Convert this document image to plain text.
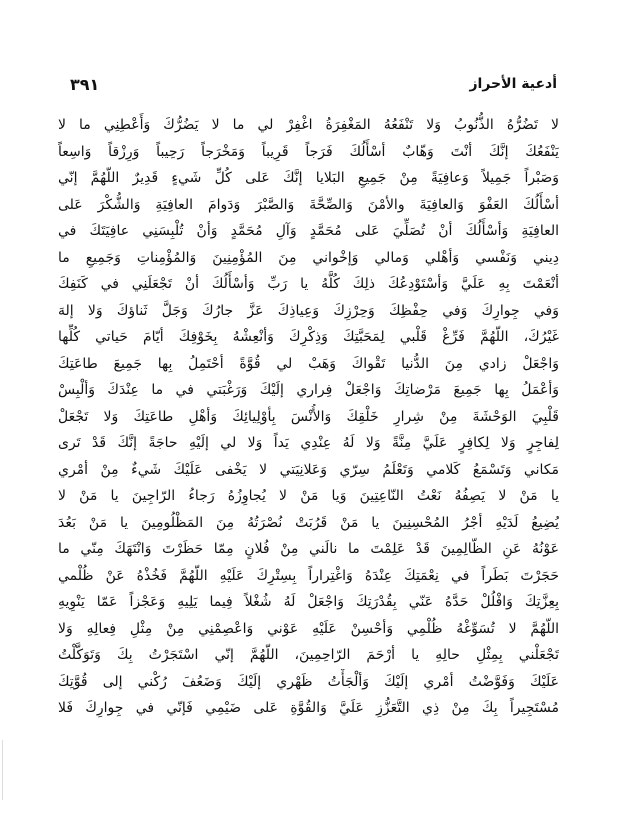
أدعية الأحراز
٣٩١
لا تَضُرُّهُ الذُّنُوبُ وَلا تَنْفَعُهُ المَغْفِرَةُ اغْفِرْ لي ما لا يَضُرُّكَ وَأَعْطِنِي ما لا
يَنْفَعُكَ إنَّكَ أنْتَ وَهّابٌ أسْأَلُكَ فَرَجاً قَرِيباً وَمَخْرَجاً رَحِيباً وَرِزْقاً وَاسِعاً
وَصَبْراً جَمِيلاً وَعافِيَةً مِنْ جَمِيعِ البَلايا إنَّكَ عَلى كُلِّ شَيءٍ قَدِيرٌ اللّهُمَّ إنّي
أسْأَلُكَ العَفْوَ وَالعافِيَةَ والأمْنَ وَالصِّحَّةَ وَالصَّبْرَ وَدَوامَ العافِيَةِ وَالشُّكْرَ عَلى
العافِيَةِ وَأسْأَلُكَ أنْ تُصَلِّيَ عَلى مُحَمَّدٍ وَآلِ مُحَمَّدٍ وَأنْ تُلْبِسَنِي عافِيَتَكَ في
دِيني وَنَفْسي وَأهْلي وَمالي وَإخْواني مِنَ المُؤْمِنِينَ وَالمُؤْمِناتِ وَجَمِيعِ ما
أنْعَمْتَ بِهِ عَلَيَّ وَأسْتَوْدِعُكَ ذلِكَ كُلَّهُ يا رَبِّ وَأسْأَلُكَ أنْ تَجْعَلَنِي في كَنَفِكَ
وَفي جِوارِكَ وَفي حِفْظِكَ وَحِرْزِكَ وَعِياذِكَ عَزَّ جارُكَ وَجَلَّ ثَناؤكَ وَلا إلهَ
غَيْرُكَ، اللّهُمَّ فَرِّغْ قَلْبي لِمَحَبَّتِكَ وَذِكْرِكَ وَأنْعِشْهُ بِخَوْفِكَ أيّامَ حَياتي كُلِّها
وَاجْعَلْ زادي مِنَ الدُّنيا تَقْواكَ وَهَبْ لي قُوَّةً أحْتَمِلُ بِها جَمِيعَ طاعَتِكَ
وَأعْمَلُ بِها جَمِيعَ مَرْضاتِكَ وَاجْعَلْ فِراري إلَيْكَ وَرَغْبَتي في ما عِنْدَكَ وَألْبِسْ
قَلْبِيَ الوَحْشَةَ مِنْ شِرارِ خَلْقِكَ وَالأُنْسَ بِأوْلِيائِكَ وَأهْلِ طاعَتِكَ وَلا تَجْعَلْ
لِفاجِرٍ وَلا لِكافِرٍ عَلَيَّ مِنَّةً وَلا لَهُ عِنْدِي يَداً وَلا لي إلَيْهِ حاجَةً إنَّكَ قَدْ تَرى
مَكاني وَتَسْمَعُ كَلامي وَتَعْلَمُ سِرّي وَعَلانِيَتي لا يَخْفى عَلَيْكَ شَيءٌ مِنْ أمْري
يا مَنْ لا يَصِفُهُ نَعْتُ النّاعِتِينَ وَيا مَنْ لا يُجاوِزُهُ رَجاءُ الرّاجِينَ يا مَنْ لا
يُضِيعُ لَدَيْهِ أجْرُ المُحْسِنِينَ يا مَنْ قَرُبَتْ نُصْرَتُهُ مِنَ المَظْلُومِينَ يا مَنْ بَعُدَ
عَوْنُهُ عَنِ الظّالِمِينَ قَدْ عَلِمْتَ ما نالَني مِنْ فُلانٍ مِمّا حَظَرْتَ وَانْتَهَكَ مِنّي ما
حَجَرْتَ بَطَراً في نِعْمَتِكَ عِنْدَهُ وَاغْتِراراً بِسِتْرِكَ عَلَيْهِ اللّهُمَّ فَخُذْهُ عَنْ ظُلْمي
بِعِزَّتِكَ وَافْلُلْ حَدَّهُ عَنّي بِقُدْرَتِكَ وَاجْعَلْ لَهُ شُغْلاً فِيما يَلِيهِ وَعَجْزاً عَمّا يَنْوِيهِ
اللّهُمَّ لا تُسَوِّغْهُ ظُلْمِي وَأحْسِنْ عَلَيْهِ عَوْني وَاعْصِمْنِي مِنْ مِثْلِ فِعالِهِ وَلا
تَجْعَلْني بِمِثْلِ حالِهِ يا أرْحَمَ الرّاحِمِينَ، اللّهُمَّ إنّي اسْتَجَرْتُ بِكَ وَتَوَكَّلْتُ
عَلَيْكَ وَفَوَّضْتُ أمْري إلَيْكَ وَألْجَأْتُ ظَهْري إلَيْكَ وَضَعُفَ رُكْني إلى قُوَّتِكَ
مُسْتَجِيراً بِكَ مِنْ ذِي التَّعَزُّزِ عَلَيَّ وَالقُوَّةِ عَلى ضَيْمِي فَإنّي في جِوارِكَ فَلا
